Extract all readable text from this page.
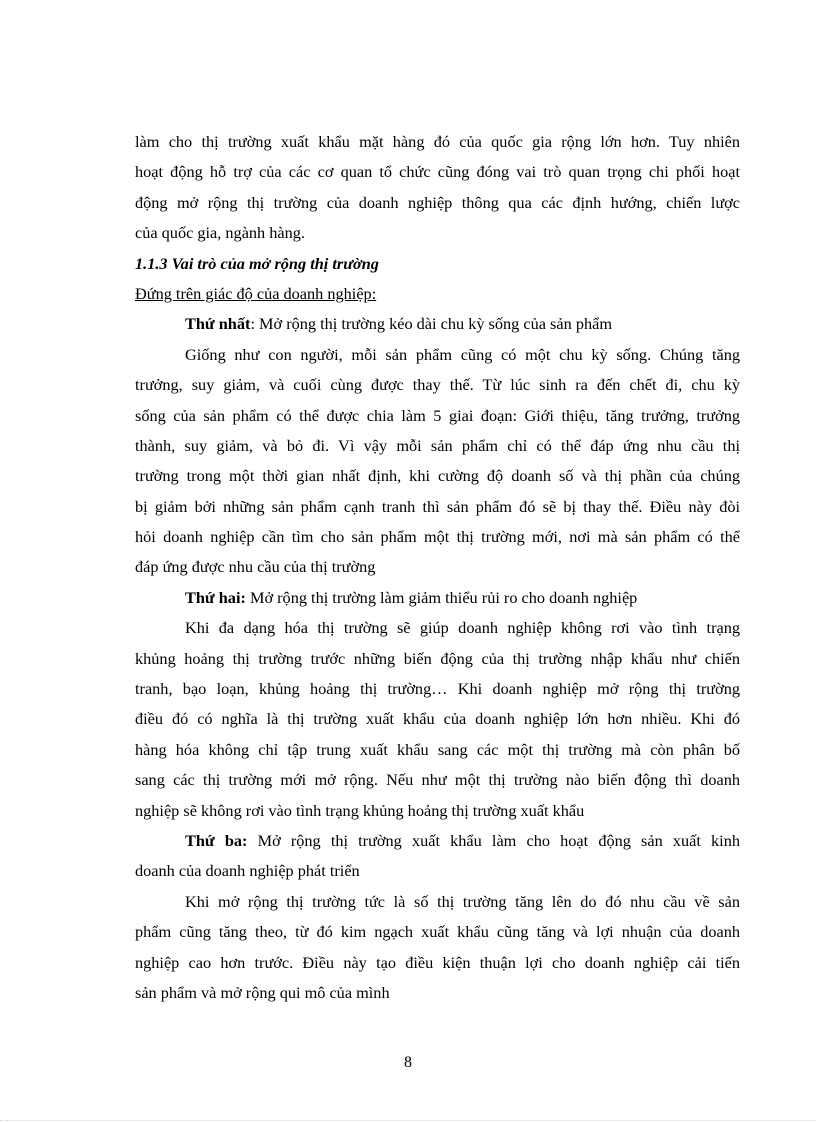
làm cho thị trường xuất khẩu mặt hàng đó của quốc gia rộng lớn hơn. Tuy nhiên
hoạt động hỗ trợ của các cơ quan tổ chức cũng đóng vai trò quan trọng chi phối hoạt
động mở rộng thị trường của doanh nghiệp thông qua các định hướng, chiến lược
của quốc gia, ngành hàng.
1.1.3 Vai trò của mở rộng thị trường
Đứng trên giác độ của doanh nghiệp:
Thứ nhất: Mở rộng thị trường kéo dài chu kỳ sống của sản phẩm
Giống như con người, mỗi sản phẩm cũng có một chu kỳ sống. Chúng tăng
trưởng, suy giảm, và cuối cùng được thay thế. Từ lúc sinh ra đến chết đi, chu kỳ
sống của sản phẩm có thể được chia làm 5 giai đoạn: Giới thiệu, tăng trưởng, trưởng
thành, suy giảm, và bỏ đi. Vì vậy mỗi sản phẩm chỉ có thể đáp ứng nhu cầu thị
trường trong một thời gian nhất định, khi cường độ doanh số và thị phần của chúng
bị giảm bởi những sản phẩm cạnh tranh thì sản phẩm đó sẽ bị thay thế. Điều này đòi
hỏi doanh nghiệp cần tìm cho sản phẩm một thị trường mới, nơi mà sản phẩm có thể
đáp ứng được nhu cầu của thị trường
Thứ hai: Mở rộng thị trường làm giảm thiểu rủi ro cho doanh nghiệp
Khi đa dạng hóa thị trường sẽ giúp doanh nghiệp không rơi vào tình trạng
khủng hoảng thị trường trước những biến động của thị trường nhập khẩu như chiến
tranh, bạo loạn, khủng hoảng thị trường… Khi doanh nghiệp mở rộng thị trường
điều đó có nghĩa là thị trường xuất khẩu của doanh nghiệp lớn hơn nhiều. Khi đó
hàng hóa không chỉ tập trung xuất khẩu sang các một thị trường mà còn phân bố
sang các thị trường mới mở rộng. Nếu như một thị trường nào biến động thì doanh
nghiệp sẽ không rơi vào tình trạng khủng hoảng thị trường xuất khẩu
Thứ ba: Mở rộng thị trường xuất khẩu làm cho hoạt động sản xuất kinh
doanh của doanh nghiệp phát triển
Khi mở rộng thị trường tức là số thị trường tăng lên do đó nhu cầu về sản
phẩm cũng tăng theo, từ đó kim ngạch xuất khẩu cũng tăng và lợi nhuận của doanh
nghiệp cao hơn trước. Điều này tạo điều kiện thuận lợi cho doanh nghiệp cải tiến
sản phẩm và mở rộng qui mô của mình
8
